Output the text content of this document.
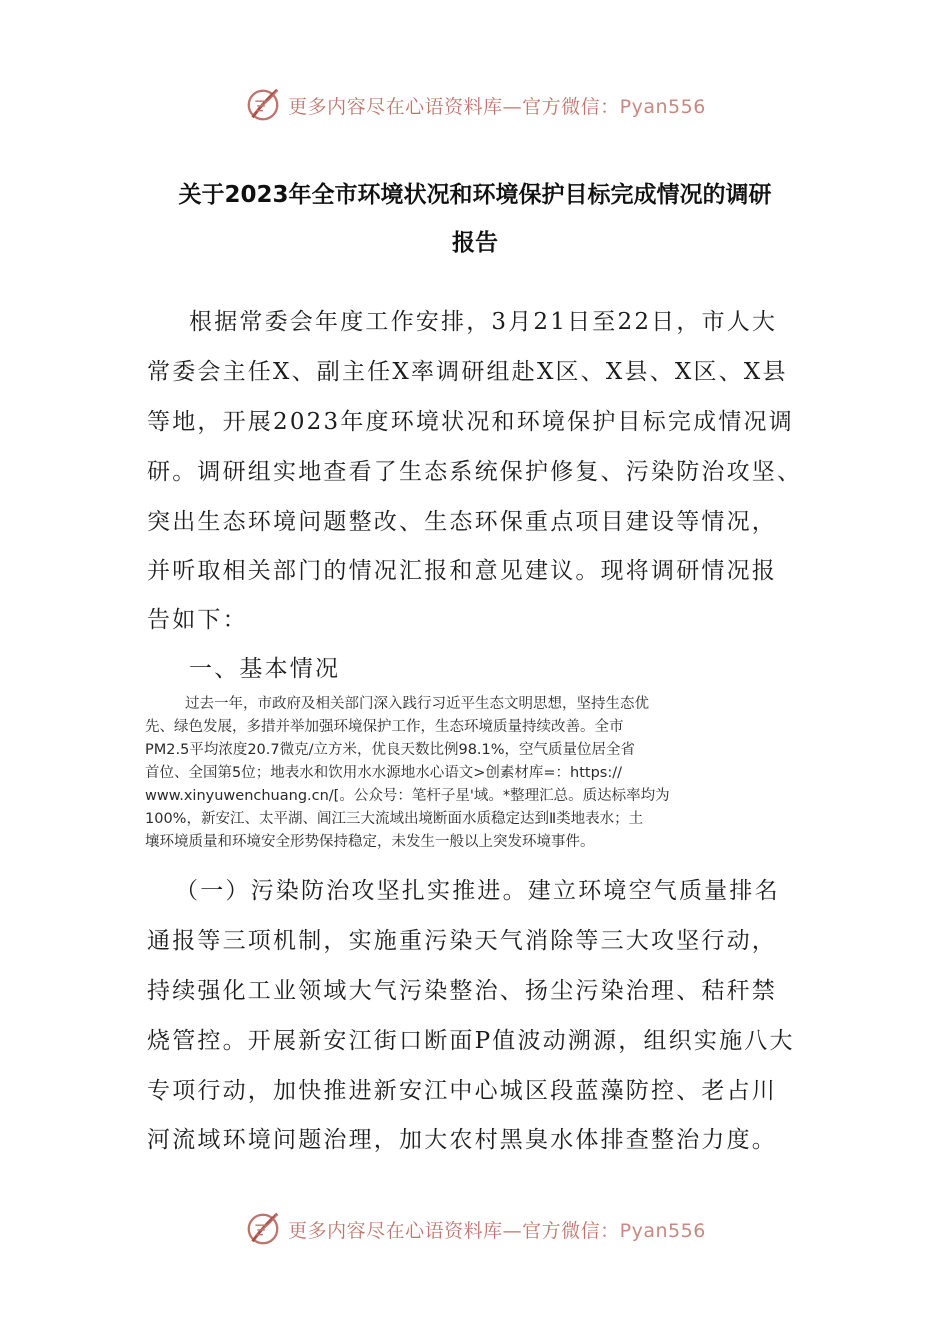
更多内容尽在心语资料库—官方微信：Pyan556
关于2023年全市环境状况和环境保护目标完成情况的调研
报告
根据常委会年度工作安排，3月21日至22日，市人大
常委会主任X、副主任X率调研组赴X区、X县、X区、X县
等地，开展2023年度环境状况和环境保护目标完成情况调
研。调研组实地查看了生态系统保护修复、污染防治攻坚、
突出生态环境问题整改、生态环保重点项目建设等情况，
并听取相关部门的情况汇报和意见建议。现将调研情况报
告如下：
一、基本情况
过去一年，市政府及相关部门深入践行习近平生态文明思想，坚持生态优
先、绿色发展，多措并举加强环境保护工作，生态环境质量持续改善。全市
PM2.5平均浓度20.7微克/立方米，优良天数比例98.1%，空气质量位居全省
首位、全国第5位；地表水和饮用水水源地水心语文>创素材库=：https://
www.xinyuwenchuang.cn/[。公众号：笔杆子星'域。*整理汇总。质达标率均为
100%，新安江、太平湖、阊江三大流域出境断面水质稳定达到Ⅱ类地表水；土
壤环境质量和环境安全形势保持稳定，未发生一般以上突发环境事件。
（一）污染防治攻坚扎实推进。建立环境空气质量排名
通报等三项机制，实施重污染天气消除等三大攻坚行动，
持续强化工业领域大气污染整治、扬尘污染治理、秸秆禁
烧管控。开展新安江街口断面P值波动溯源，组织实施八大
专项行动，加快推进新安江中心城区段蓝藻防控、老占川
河流域环境问题治理，加大农村黑臭水体排查整治力度。
更多内容尽在心语资料库—官方微信：Pyan556
